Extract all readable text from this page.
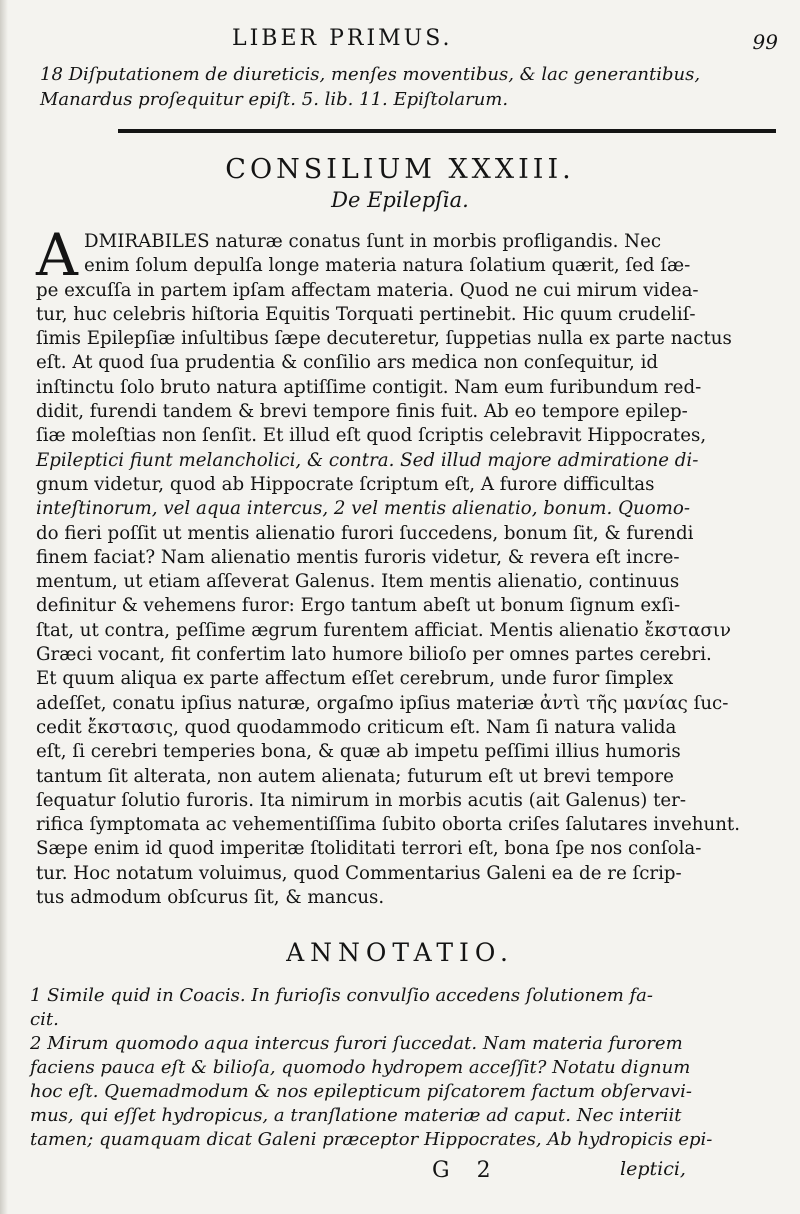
LIBER PRIMUS.	99
18 Diſputationem de diureticis, menſes moventibus, & lac generantibus, Manardus proſequitur epiſt. 5. lib. 11. Epiſtolarum.
CONSILIUM XXXIII.
De Epilepſia.
A DMIRABILES naturæ conatus ſunt in morbis profligandis. Nec
enim ſolum depulſa longe materia natura ſolatium quærit, ſed ſæ-
pe excuſſa in partem ipſam affectam materia. Quod ne cui mirum videa-
tur, huc celebris hiſtoria Equitis Torquati pertinebit. Hic quum crudeliſ-
ſimis Epilepſiæ inſultibus ſæpe decuteretur, ſuppetias nulla ex parte nactus
eſt. At quod ſua prudentia & conſilio ars medica non conſequitur, id
inſtinctu ſolo bruto natura aptiſſime contigit. Nam eum furibundum red-
didit, furendi tandem & brevi tempore finis fuit. Ab eo tempore epilep-
ſiæ moleſtias non ſenſit. Et illud eſt quod ſcriptis celebravit Hippocrates,
Epileptici fiunt melancholici, & contra. Sed illud majore admiratione di-
gnum videtur, quod ab Hippocrate ſcriptum eſt, A furore difficultas
inteſtinorum, vel aqua intercus, 2 vel mentis alienatio, bonum. Quomo-
do fieri poſſit ut mentis alienatio furori ſuccedens, bonum ſit, & furendi
finem faciat? Nam alienatio mentis furoris videtur, & revera eſt incre-
mentum, ut etiam aſſeverat Galenus. Item mentis alienatio, continuus
definitur & vehemens furor: Ergo tantum abeſt ut bonum ſignum exſi-
ſtat, ut contra, peſſime ægrum furentem afficiat. Mentis alienatio ἔκστασιν
Græci vocant, fit confertim lato humore bilioſo per omnes partes cerebri.
Et quum aliqua ex parte affectum eſſet cerebrum, unde furor ſimplex
adeſſet, conatu ipſius naturæ, orgaſmo ipſius materiæ ἀντὶ τῆς μανίας ſuc-
cedit ἔκστασις, quod quodammodo criticum eſt. Nam ſi natura valida
eſt, ſi cerebri temperies bona, & quæ ab impetu peſſimi illius humoris
tantum ſit alterata, non autem alienata; futurum eſt ut brevi tempore
ſequatur ſolutio furoris. Ita nimirum in morbis acutis (ait Galenus) ter-
rifica ſymptomata ac vehementiſſima ſubito oborta criſes ſalutares invehunt.
Sæpe enim id quod imperitæ ſtoliditati terrori eſt, bona ſpe nos conſola-
tur. Hoc notatum voluimus, quod Commentarius Galeni ea de re ſcrip-
tus admodum obſcurus ſit, & mancus.
ANNOTATIO.
1 Simile quid in Coacis. In furioſis convulſio accedens ſolutionem fa-
cit.
2 Mirum quomodo aqua intercus furori ſuccedat. Nam materia furorem
faciens pauca eſt & bilioſa, quomodo hydropem acceſſit? Notatu dignum
hoc eſt. Quemadmodum & nos epilepticum piſcatorem factum obſervavi-
mus, qui eſſet hydropicus, a tranſlatione materiæ ad caput. Nec interiit
tamen; quamquam dicat Galeni præceptor Hippocrates, Ab hydropicis epi-
G 2	leptici,
